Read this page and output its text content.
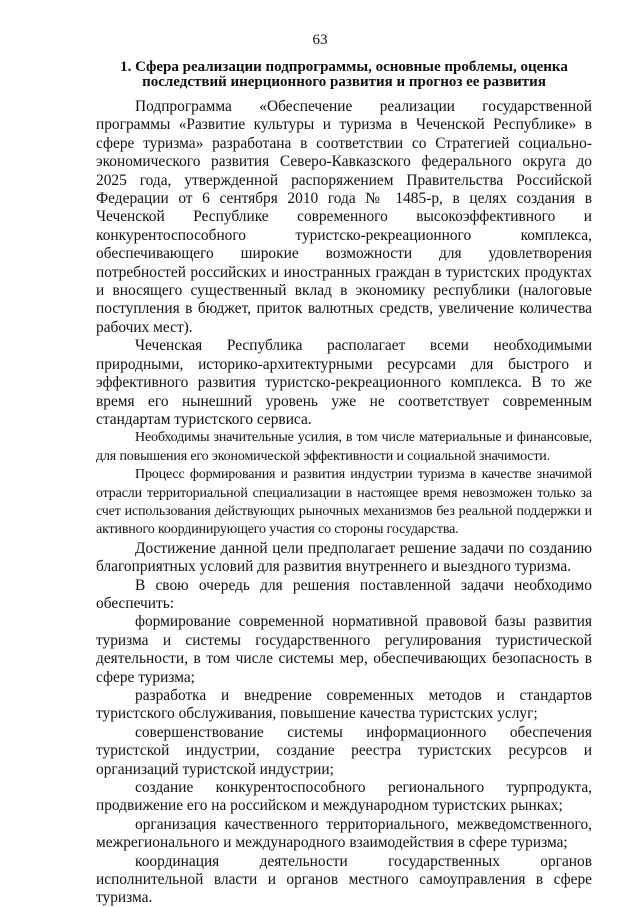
63
1. Сфера реализации подпрограммы, основные проблемы, оценка
последствий инерционного развития и прогноз ее развития

Подпрограмма «Обеспечение реализации государственной программы «Развитие культуры и туризма в Чеченской Республике» в сфере туризма» разработана в соответствии со Стратегией социально-экономического развития Северо-Кавказского федерального округа до 2025 года, утвержденной распоряжением Правительства Российской Федерации от 6 сентября 2010 года № 1485-р, в целях создания в Чеченской Республике современного высокоэффективного и конкурентоспособного туристско-рекреационного комплекса, обеспечивающего широкие возможности для удовлетворения потребностей российских и иностранных граждан в туристских продуктах и вносящего существенный вклад в экономику республики (налоговые поступления в бюджет, приток валютных средств, увеличение количества рабочих мест).

Чеченская Республика располагает всеми необходимыми природными, историко-архитектурными ресурсами для быстрого и эффективного развития туристско-рекреационного комплекса. В то же время его нынешний уровень уже не соответствует современным стандартам туристского сервиса.

Необходимы значительные усилия, в том числе материальные и финансовые, для повышения его экономической эффективности и социальной значимости.

Процесс формирования и развития индустрии туризма в качестве значимой отрасли территориальной специализации в настоящее время невозможен только за счет использования действующих рыночных механизмов без реальной поддержки и активного координирующего участия со стороны государства.

Достижение данной цели предполагает решение задачи по созданию благоприятных условий для развития внутреннего и выездного туризма.

В свою очередь для решения поставленной задачи необходимо обеспечить:

формирование современной нормативной правовой базы развития туризма и системы государственного регулирования туристической деятельности, в том числе системы мер, обеспечивающих безопасность в сфере туризма;

разработка и внедрение современных методов и стандартов туристского обслуживания, повышение качества туристских услуг;

совершенствование системы информационного обеспечения туристской индустрии, создание реестра туристских ресурсов и организаций туристской индустрии;

создание конкурентоспособного регионального турпродукта, продвижение его на российском и международном туристских рынках;

организация качественного территориального, межведомственного, межрегионального и международного взаимодействия в сфере туризма;

координация деятельности государственных органов исполнительной власти и органов местного самоуправления в сфере туризма.
